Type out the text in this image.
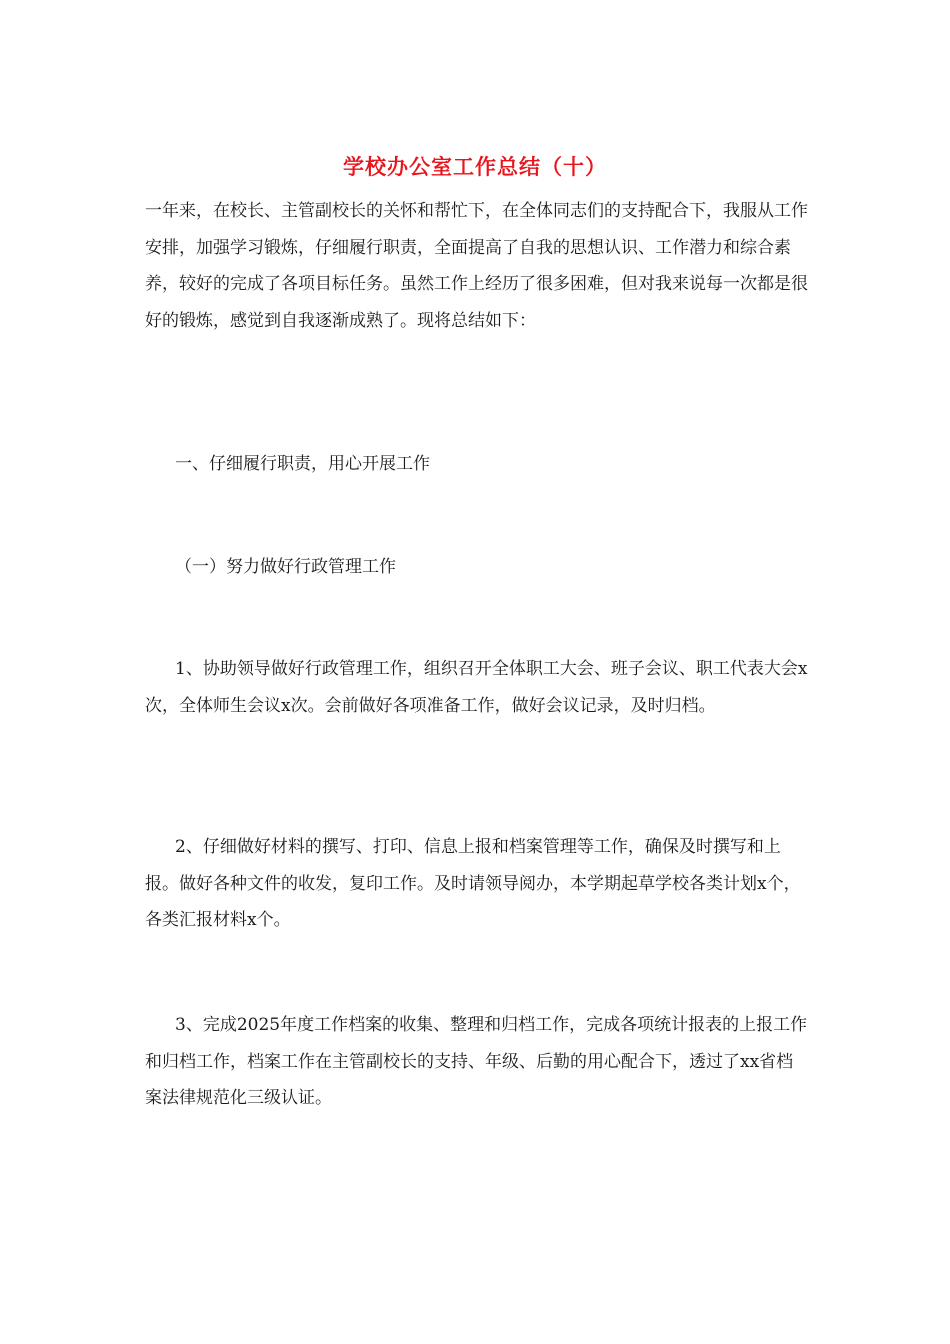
学校办公室工作总结（十）

一年来，在校长、主管副校长的关怀和帮忙下，在全体同志们的支持配合下，我服从工作安排，加强学习锻炼，仔细履行职责，全面提高了自我的思想认识、工作潜力和综合素养，较好的完成了各项目标任务。虽然工作上经历了很多困难，但对我来说每一次都是很好的锻炼，感觉到自我逐渐成熟了。现将总结如下：

一、仔细履行职责，用心开展工作
（一）努力做好行政管理工作

1、协助领导做好行政管理工作，组织召开全体职工大会、班子会议、职工代表大会x次，全体师生会议x次。会前做好各项准备工作，做好会议记录，及时归档。

2、仔细做好材料的撰写、打印、信息上报和档案管理等工作，确保及时撰写和上报。做好各种文件的收发，复印工作。及时请领导阅办，本学期起草学校各类计划x个，各类汇报材料x个。

3、完成2025年度工作档案的收集、整理和归档工作，完成各项统计报表的上报工作和归档工作，档案工作在主管副校长的支持、年级、后勤的用心配合下，透过了xx省档案法律规范化三级认证。
